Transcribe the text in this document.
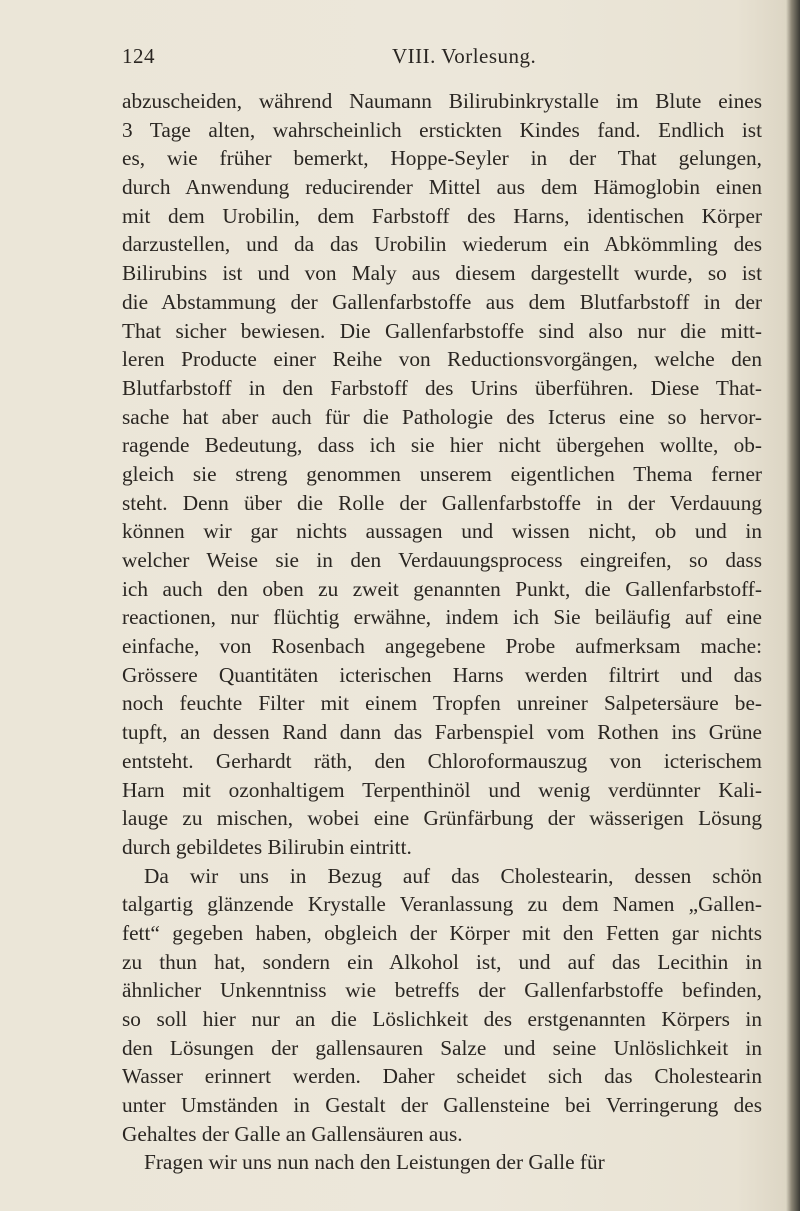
124	VIII. Vorlesung.
abzuscheiden, während Naumann Bilirubinkrystalle im Blute eines
3 Tage alten, wahrscheinlich erstickten Kindes fand. Endlich ist
es, wie früher bemerkt, Hoppe-Seyler in der That gelungen,
durch Anwendung reducirender Mittel aus dem Hämoglobin einen
mit dem Urobilin, dem Farbstoff des Harns, identischen Körper
darzustellen, und da das Urobilin wiederum ein Abkömmling des
Bilirubins ist und von Maly aus diesem dargestellt wurde, so ist
die Abstammung der Gallenfarbstoffe aus dem Blutfarbstoff in der
That sicher bewiesen. Die Gallenfarbstoffe sind also nur die mitt-
leren Producte einer Reihe von Reductionsvorgängen, welche den
Blutfarbstoff in den Farbstoff des Urins überführen. Diese That-
sache hat aber auch für die Pathologie des Icterus eine so hervor-
ragende Bedeutung, dass ich sie hier nicht übergehen wollte, ob-
gleich sie streng genommen unserem eigentlichen Thema ferner
steht. Denn über die Rolle der Gallenfarbstoffe in der Verdauung
können wir gar nichts aussagen und wissen nicht, ob und in
welcher Weise sie in den Verdauungsprocess eingreifen, so dass
ich auch den oben zu zweit genannten Punkt, die Gallenfarbstoff-
reactionen, nur flüchtig erwähne, indem ich Sie beiläufig auf eine
einfache, von Rosenbach angegebene Probe aufmerksam mache:
Grössere Quantitäten icterischen Harns werden filtrirt und das
noch feuchte Filter mit einem Tropfen unreiner Salpetersäure be-
tupft, an dessen Rand dann das Farbenspiel vom Rothen ins Grüne
entsteht. Gerhardt räth, den Chloroformauszug von icterischem
Harn mit ozonhaltigem Terpenthinöl und wenig verdünnter Kali-
lauge zu mischen, wobei eine Grünfärbung der wässerigen Lösung
durch gebildetes Bilirubin eintritt.
Da wir uns in Bezug auf das Cholestearin, dessen schön
talgartig glänzende Krystalle Veranlassung zu dem Namen „Gallen-
fett“ gegeben haben, obgleich der Körper mit den Fetten gar nichts
zu thun hat, sondern ein Alkohol ist, und auf das Lecithin in
ähnlicher Unkenntniss wie betreffs der Gallenfarbstoffe befinden,
so soll hier nur an die Löslichkeit des erstgenannten Körpers in
den Lösungen der gallensauren Salze und seine Unlöslichkeit in
Wasser erinnert werden. Daher scheidet sich das Cholestearin
unter Umständen in Gestalt der Gallensteine bei Verringerung des
Gehaltes der Galle an Gallensäuren aus.
Fragen wir uns nun nach den Leistungen der Galle für
